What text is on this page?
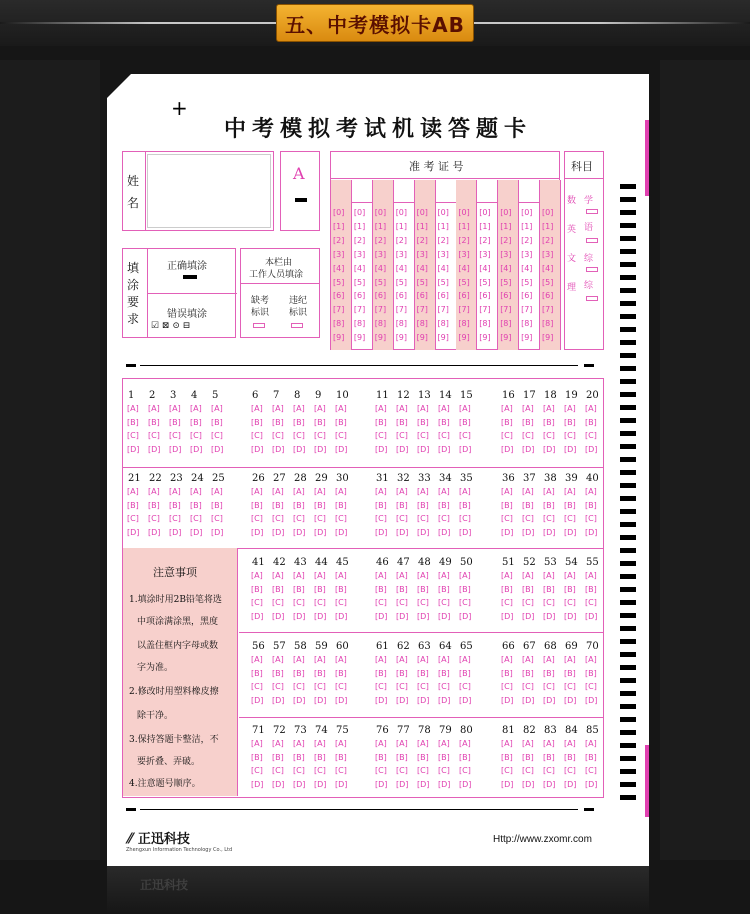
五、中考模拟卡AB
正迅科技
+
中考模拟考试机读答题卡
姓
名
A
填
涂
要
求
正确填涂
错误填涂
☑ ⊠ ⊙ ⊟
本栏由
工作人员填涂
缺考
标识
违纪
标识
准 考 证 号
[0]
[1]
[2]
[3]
[4]
[5]
[6]
[7]
[8]
[9]
[0]
[1]
[2]
[3]
[4]
[5]
[6]
[7]
[8]
[9]
[0]
[1]
[2]
[3]
[4]
[5]
[6]
[7]
[8]
[9]
[0]
[1]
[2]
[3]
[4]
[5]
[6]
[7]
[8]
[9]
[0]
[1]
[2]
[3]
[4]
[5]
[6]
[7]
[8]
[9]
[0]
[1]
[2]
[3]
[4]
[5]
[6]
[7]
[8]
[9]
[0]
[1]
[2]
[3]
[4]
[5]
[6]
[7]
[8]
[9]
[0]
[1]
[2]
[3]
[4]
[5]
[6]
[7]
[8]
[9]
[0]
[1]
[2]
[3]
[4]
[5]
[6]
[7]
[8]
[9]
[0]
[1]
[2]
[3]
[4]
[5]
[6]
[7]
[8]
[9]
[0]
[1]
[2]
[3]
[4]
[5]
[6]
[7]
[8]
[9]
科目
数 学
英 语
文 综
理 综
注意事项
1.填涂时用2B铅笔将选
中项涂满涂黑，黑度
以盖住框内字母或数
字为准。
2.修改时用塑料橡皮擦
除干净。
3.保持答题卡整洁，不
要折叠、弄破。
4.注意题号顺序。
1
[A]
[B]
[C]
[D]
2
[A]
[B]
[C]
[D]
3
[A]
[B]
[C]
[D]
4
[A]
[B]
[C]
[D]
5
[A]
[B]
[C]
[D]
6
[A]
[B]
[C]
[D]
7
[A]
[B]
[C]
[D]
8
[A]
[B]
[C]
[D]
9
[A]
[B]
[C]
[D]
10
[A]
[B]
[C]
[D]
11
[A]
[B]
[C]
[D]
12
[A]
[B]
[C]
[D]
13
[A]
[B]
[C]
[D]
14
[A]
[B]
[C]
[D]
15
[A]
[B]
[C]
[D]
16
[A]
[B]
[C]
[D]
17
[A]
[B]
[C]
[D]
18
[A]
[B]
[C]
[D]
19
[A]
[B]
[C]
[D]
20
[A]
[B]
[C]
[D]
21
[A]
[B]
[C]
[D]
22
[A]
[B]
[C]
[D]
23
[A]
[B]
[C]
[D]
24
[A]
[B]
[C]
[D]
25
[A]
[B]
[C]
[D]
26
[A]
[B]
[C]
[D]
27
[A]
[B]
[C]
[D]
28
[A]
[B]
[C]
[D]
29
[A]
[B]
[C]
[D]
30
[A]
[B]
[C]
[D]
31
[A]
[B]
[C]
[D]
32
[A]
[B]
[C]
[D]
33
[A]
[B]
[C]
[D]
34
[A]
[B]
[C]
[D]
35
[A]
[B]
[C]
[D]
36
[A]
[B]
[C]
[D]
37
[A]
[B]
[C]
[D]
38
[A]
[B]
[C]
[D]
39
[A]
[B]
[C]
[D]
40
[A]
[B]
[C]
[D]
41
[A]
[B]
[C]
[D]
42
[A]
[B]
[C]
[D]
43
[A]
[B]
[C]
[D]
44
[A]
[B]
[C]
[D]
45
[A]
[B]
[C]
[D]
46
[A]
[B]
[C]
[D]
47
[A]
[B]
[C]
[D]
48
[A]
[B]
[C]
[D]
49
[A]
[B]
[C]
[D]
50
[A]
[B]
[C]
[D]
51
[A]
[B]
[C]
[D]
52
[A]
[B]
[C]
[D]
53
[A]
[B]
[C]
[D]
54
[A]
[B]
[C]
[D]
55
[A]
[B]
[C]
[D]
56
[A]
[B]
[C]
[D]
57
[A]
[B]
[C]
[D]
58
[A]
[B]
[C]
[D]
59
[A]
[B]
[C]
[D]
60
[A]
[B]
[C]
[D]
61
[A]
[B]
[C]
[D]
62
[A]
[B]
[C]
[D]
63
[A]
[B]
[C]
[D]
64
[A]
[B]
[C]
[D]
65
[A]
[B]
[C]
[D]
66
[A]
[B]
[C]
[D]
67
[A]
[B]
[C]
[D]
68
[A]
[B]
[C]
[D]
69
[A]
[B]
[C]
[D]
70
[A]
[B]
[C]
[D]
71
[A]
[B]
[C]
[D]
72
[A]
[B]
[C]
[D]
73
[A]
[B]
[C]
[D]
74
[A]
[B]
[C]
[D]
75
[A]
[B]
[C]
[D]
76
[A]
[B]
[C]
[D]
77
[A]
[B]
[C]
[D]
78
[A]
[B]
[C]
[D]
79
[A]
[B]
[C]
[D]
80
[A]
[B]
[C]
[D]
81
[A]
[B]
[C]
[D]
82
[A]
[B]
[C]
[D]
83
[A]
[B]
[C]
[D]
84
[A]
[B]
[C]
[D]
85
[A]
[B]
[C]
[D]
⫽ 正迅科技
Zhengxun Information Technology Co., Ltd
Http://www.zxomr.com
